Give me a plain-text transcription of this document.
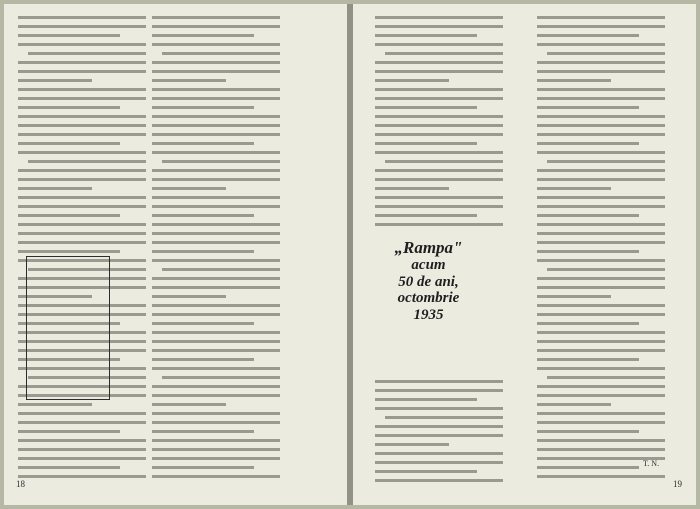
18
„Rampa"
acum
50 de ani,
octombrie
1935
T. N.
19
